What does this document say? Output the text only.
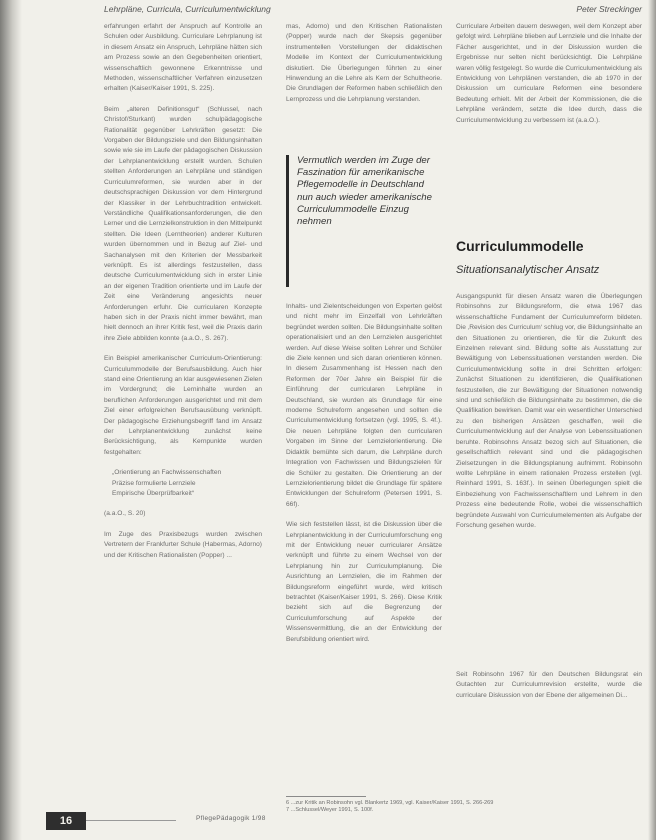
Lehrpläne, Curricula, Curriculumentwicklung	Peter Streckinger

erfahrungen erfahrt der Anspruch auf Kontrolle an Schulen oder Ausbildung. Curriculare Lehrplanung ist in diesem Ansatz ein Anspruch, Lehrpläne hätten sich am Prozess sowie an den Gegebenheiten orientiert, wissenschaftlich gewonnene Erkenntnisse und Methoden, wissenschaftlicher Verfahren einzusetzen erhalten (Kaiser/Kaiser 1991, S. 225).

Beim „alteren Definitionsgut“ (Schlussel, nach Christof/Sturkant) wurden schulpädagogische Rationalität gegenüber Lehrkräften gesetzt: Die Vorgaben der Bildungsziele und den Bildungsinhalten sowie wie sie im Laufe der pädagogischen Diskussion der Lehrplanentwicklung erstellt wurden. Schulen stellten Anforderungen an Lehrpläne und ständigen Curriculumreformen, sie wurden aber in der deutschsprachigen Diskussion vor dem Hintergrund der Klassiker in der Lehrbuchtradition entwickelt. Verständliche Qualifikationsanforderungen, die den Lerner und die Lernzielkonstruktion in den Mittelpunkt stellten. Die Ideen (Lerntheorien) anderer Kulturen wurden übernommen und in Bezug auf Ziel- und Sachanalysen mit den Kriterien der Messbarkeit verknüpft. Es ist allerdings festzustellen, dass deutsche Curriculumentwicklung sich in erster Linie an der eigenen Tradition orientierte und im Laufe der Zeit eine Veränderung angesichts neuer Anforderungen erfuhr. Die curricularen Konzepte haben sich in der Praxis nicht immer bewährt, man hielt dennoch an ihrer Kritik fest, weil die Praxis darin ihre Ziele abbilden konnte (a.a.O., S. 267).

Ein Beispiel amerikanischer Curriculum-Orientierung: Curriculummodelle der Berufsausbildung. Auch hier stand eine Orientierung an klar ausgewiesenen Zielen im Vordergrund; die Lerninhalte wurden an beruflichen Anforderungen ausgerichtet und mit dem Ziel einer erfolgreichen Berufsausübung verknüpft. Der pädagogische Erziehungsbegriff fand im Ansatz der Lehrplanentwicklung zunächst keine Berücksichtigung, als Kernpunkte wurden festgehalten:

„Orientierung an Fachwissenschaften
Präzise formulierte Lernziele
Empirische Überprüfbarkeit“

(a.a.O., S. 20)

Im Zuge des Praxisbezugs wurden zwischen Vertretern der Frankfurter Schule (Habermas, Adorno) und der Kritischen Rationalisten (Popper) ...

mas, Adorno) und den Kritischen Rationalisten (Popper) wurde nach der Skepsis gegenüber instrumentellen Vorstellungen der didaktischen Modelle im Kontext der Curriculumentwicklung diskutiert. Die Überlegungen führten zu einer Hinwendung an die Lehre als Kern der Schultheorie. Die Grundlagen der Reformen haben schließlich den Lernprozess und die Lehrplanung verstanden.

Vermutlich werden im Zuge der Faszination für amerikanische Pflegemodelle in Deutschland nun auch wieder amerikanische Curriculummodelle Einzug nehmen

Inhalts- und Zielentscheidungen von Experten gelöst und nicht mehr im Einzelfall von Lehrkräften begründet werden sollten. Die Bildungsinhalte sollten operationalisiert und an den Lernzielen ausgerichtet werden. Auf diese Weise sollten Lehrer und Schüler die Ziele kennen und sich daran orientieren können. In diesem Zusammenhang ist Hessen nach den Reformen der 70er Jahre ein Beispiel für die Einführung der curricularen Lehrpläne in Deutschland, sie wurden als Grundlage für eine moderne Schulreform angesehen und sollten die Curriculumentwicklung fortsetzen (vgl. 1995, S. 4f.). Die neuen Lehrpläne folgten den curricularen Vorgaben im Sinne der Lernzielorientierung. Die Didaktik bemühte sich darum, die Lehrpläne durch Integration von Fachwissen und Bildungszielen für die Schüler zu gestalten. Die Orientierung an der Lernzielorientierung bildet die Grundlage für spätere Entwicklungen der Schulreform (Petersen 1991, S. 66f).

Wie sich feststellen lässt, ist die Diskussion über die Lehrplanentwicklung in der Curriculumforschung eng mit der Entwicklung neuer curricularer Ansätze verknüpft und führte zu einem Wechsel von der Lehrplanung hin zur Curriculumplanung. Die Ausrichtung an Lernzielen, die im Rahmen der Bildungsreform eingeführt wurde, wird kritisch betrachtet (Kaiser/Kaiser 1991, S. 266). Diese Kritik bezieht sich auf die Begrenzung der Curriculumforschung auf Aspekte der Wissensvermittlung, die an der Entwicklung der Berufsbildung orientiert wird.

Curriculare Arbeiten dauern deswegen, weil dem Konzept aber gefolgt wird. Lehrpläne blieben auf Lernziele und die Inhalte der Fächer ausgerichtet, und in der Diskussion wurden die Ergebnisse nur selten nicht berücksichtigt. Die Lehrpläne waren völlig festgelegt. So wurde die Curriculumentwicklung als Entwicklung von Lehrplänen verstanden, die ab 1970 in der Diskussion um curriculare Reformen eine besondere Bedeutung erhielt. Mit der Arbeit der Kommissionen, die die Lehrpläne verändern, setzte die Idee durch, dass die Curriculumentwicklung zu verbessern ist (a.a.O.).

Curriculummodelle
Situationsanalytischer Ansatz

Ausgangspunkt für diesen Ansatz waren die Überlegungen Robinsohns zur Bildungsreform, die etwa 1967 das wissenschaftliche Fundament der Curriculumreform bildeten. Die ‚Revision des Curriculum‘ schlug vor, die Bildungsinhalte an den Situationen zu orientieren, die für die Zukunft des Einzelnen relevant sind. Bildung sollte als Ausstattung zur Bewältigung von Lebenssituationen verstanden werden. Die Curriculumentwicklung sollte in drei Schritten erfolgen: Zunächst Situationen zu identifizieren, die Qualifikationen festzustellen, die zur Bewältigung der Situationen notwendig sind und schließlich die Bildungsinhalte zu bestimmen, die die Qualifikation bewirken. Damit war ein wesentlicher Unterschied zu den bisherigen Ansätzen geschaffen, weil die Curriculumentwicklung auf der Analyse von Lebenssituationen beruhte. Robinsohns Ansatz bezog sich auf Situationen, die gesellschaftlich relevant sind und die pädagogischen Zielsetzungen in die Bildungsplanung aufnimmt. Robinsohn wollte Lehrpläne in einem rationalen Prozess erstellen (vgl. Reinhard 1991, S. 163f.). In seinen Überlegungen spielt die Einbeziehung von Fachwissenschaftlern und Lehrern in den Prozess eine bedeutende Rolle, wobei die wissenschaftlich begründete Auswahl von Curriculumelementen als Aufgabe der Forschung gesehen wurde.

Seit Robinsohn 1967 für den Deutschen Bildungsrat ein Gutachten zur Curriculumrevision erstellte, wurde die curriculare Diskussion von der Ebene der allgemeinen Di...

6 ...zur Kritik an Robinsohn vgl. Blankertz 1969, vgl. Kaiser/Kaiser 1991, S. 266-269
7 ...Schlussel/Weyer 1991, S. 100f.
16	PflegePädagogik 1/98
